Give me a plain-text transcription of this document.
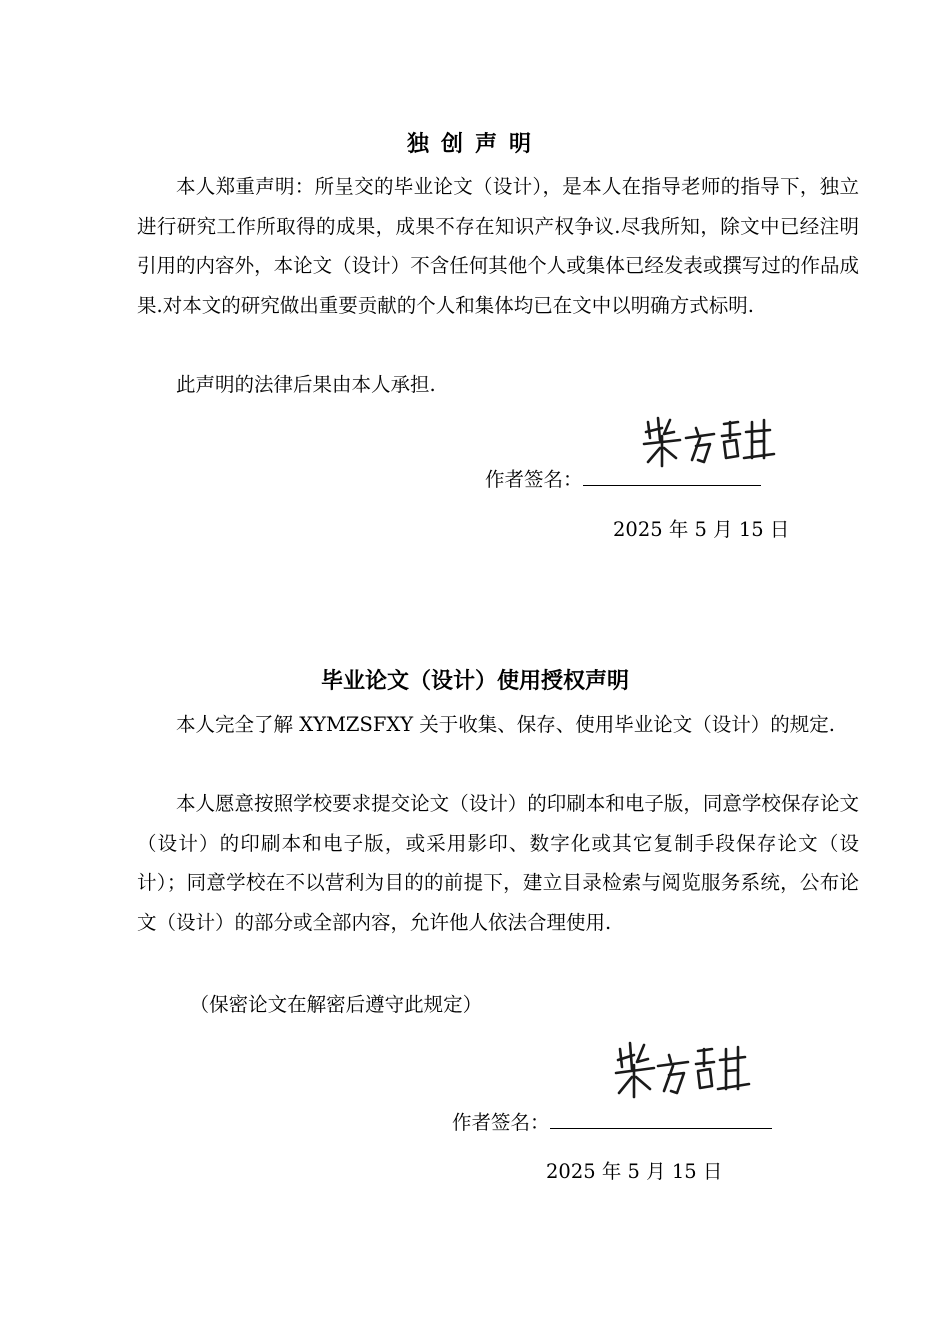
独创声明

本人郑重声明：所呈交的毕业论文（设计），是本人在指导老师的指导下，独立进行研究工作所取得的成果，成果不存在知识产权争议.尽我所知，除文中已经注明引用的内容外，本论文（设计）不含任何其他个人或集体已经发表或撰写过的作品成果.对本文的研究做出重要贡献的个人和集体均已在文中以明确方式标明.

此声明的法律后果由本人承担.

作者签名：
2025 年 5 月 15 日
毕业论文（设计）使用授权声明

本人完全了解 XYMZSFXY 关于收集、保存、使用毕业论文（设计）的规定.

本人愿意按照学校要求提交论文（设计）的印刷本和电子版，同意学校保存论文（设计）的印刷本和电子版，或采用影印、数字化或其它复制手段保存论文（设计）；同意学校在不以营利为目的的前提下，建立目录检索与阅览服务系统，公布论文（设计）的部分或全部内容，允许他人依法合理使用.

（保密论文在解密后遵守此规定）

作者签名：
2025 年 5 月 15 日
